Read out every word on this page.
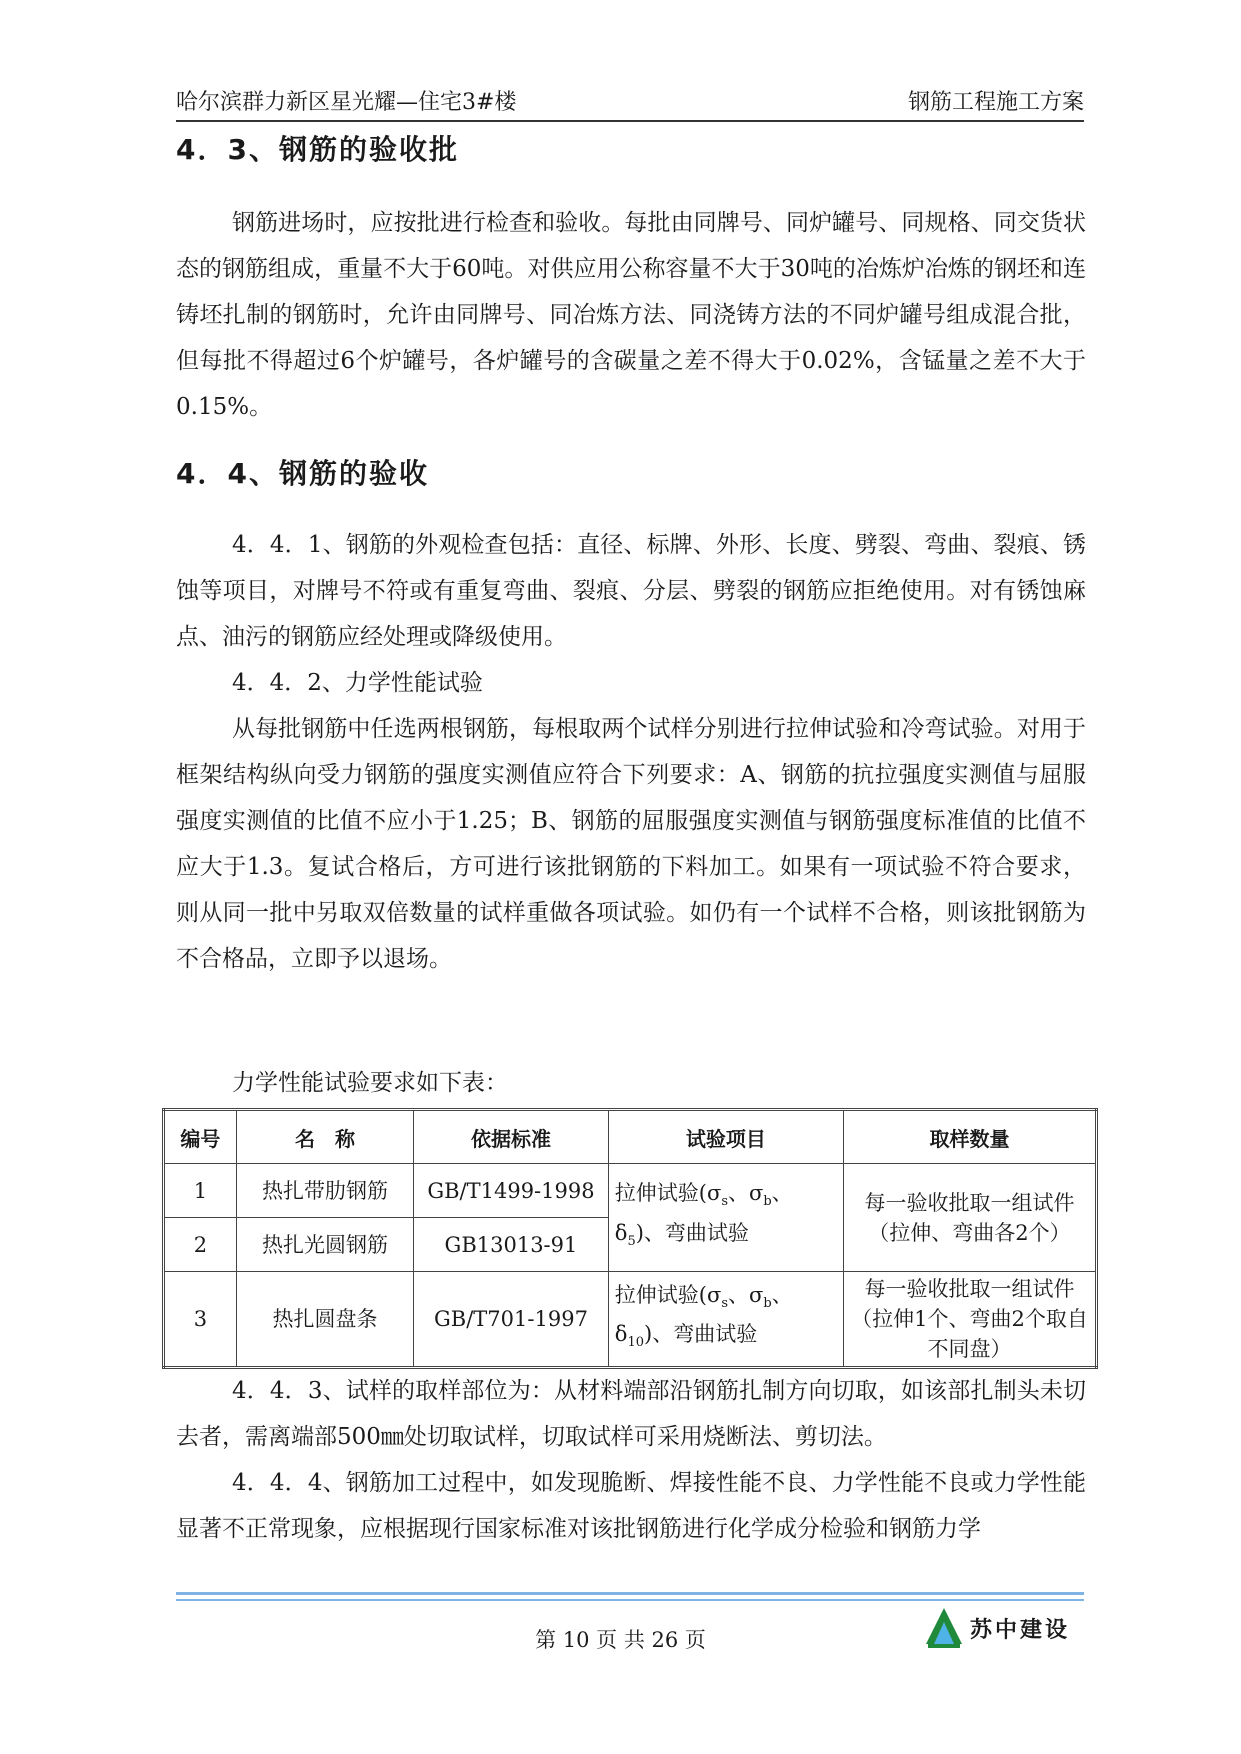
哈尔滨群力新区星光耀—住宅3#楼	钢筋工程施工方案
4．3、钢筋的验收批

钢筋进场时，应按批进行检查和验收。每批由同牌号、同炉罐号、同规格、同交货状态的钢筋组成，重量不大于60吨。对供应用公称容量不大于30吨的冶炼炉冶炼的钢坯和连铸坯扎制的钢筋时，允许由同牌号、同冶炼方法、同浇铸方法的不同炉罐号组成混合批，但每批不得超过6个炉罐号，各炉罐号的含碳量之差不得大于0.02%，含锰量之差不大于0.15%。

4．4、钢筋的验收

4．4．1、钢筋的外观检查包括：直径、标牌、外形、长度、劈裂、弯曲、裂痕、锈蚀等项目，对牌号不符或有重复弯曲、裂痕、分层、劈裂的钢筋应拒绝使用。对有锈蚀麻点、油污的钢筋应经处理或降级使用。

4．4．2、力学性能试验

从每批钢筋中任选两根钢筋，每根取两个试样分别进行拉伸试验和冷弯试验。对用于框架结构纵向受力钢筋的强度实测值应符合下列要求：A、钢筋的抗拉强度实测值与屈服强度实测值的比值不应小于1.25；B、钢筋的屈服强度实测值与钢筋强度标准值的比值不应大于1.3。复试合格后，方可进行该批钢筋的下料加工。如果有一项试验不符合要求，则从同一批中另取双倍数量的试样重做各项试验。如仍有一个试样不合格，则该批钢筋为不合格品，立即予以退场。

力学性能试验要求如下表：

编号	名　称	依据标准	试验项目	取样数量
1	热扎带肋钢筋	GB/T1499-1998	拉伸试验($\sigma_s$、$\sigma_b$、$\delta_5$)、弯曲试验	每一验收批取一组试件（拉伸、弯曲各2个）
2	热扎光圆钢筋	GB13013-91		
3	热扎圆盘条	GB/T701-1997	拉伸试验($\sigma_s$、$\sigma_b$、$\delta_{10}$)、弯曲试验	每一验收批取一组试件（拉伸1个、弯曲2个取自不同盘）

4．4．3、试样的取样部位为：从材料端部沿钢筋扎制方向切取，如该部扎制头未切去者，需离端部500㎜处切取试样，切取试样可采用烧断法、剪切法。

4．4．4、钢筋加工过程中，如发现脆断、焊接性能不良、力学性能不良或力学性能显著不正常现象，应根据现行国家标准对该批钢筋进行化学成分检验和钢筋力学

第 10 页 共 26 页	苏中建设
